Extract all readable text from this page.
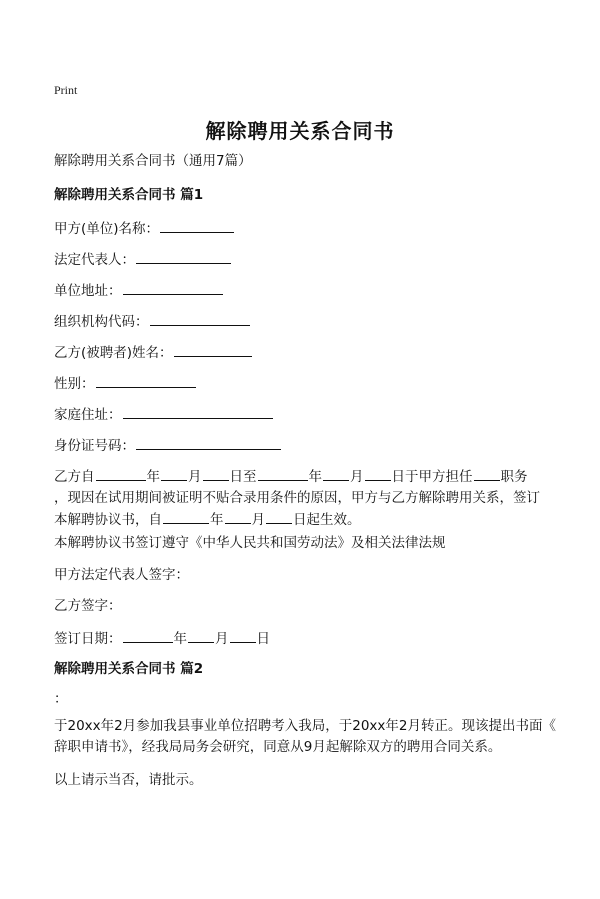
Print
解除聘用关系合同书
解除聘用关系合同书（通用7篇）
解除聘用关系合同书 篇1
甲方(单位)名称：
法定代表人：
单位地址：
组织机构代码：
乙方(被聘者)姓名：
性别：
家庭住址：
身份证号码：
乙方自	年 月 日至	年 月 日于甲方担任 职务
，现因在试用期间被证明不贴合录用条件的原因，甲方与乙方解除聘用关系，签订
本解聘协议书，自	年 月 日起生效。
本解聘协议书签订遵守《中华人民共和国劳动法》及相关法律法规
甲方法定代表人签字：
乙方签字：
签订日期：	年 月 日
解除聘用关系合同书 篇2
：
于20xx年2月参加我县事业单位招聘考入我局，于20xx年2月转正。现该提出书面《
辞职申请书》，经我局局务会研究，同意从9月起解除双方的聘用合同关系。
以上请示当否，请批示。
